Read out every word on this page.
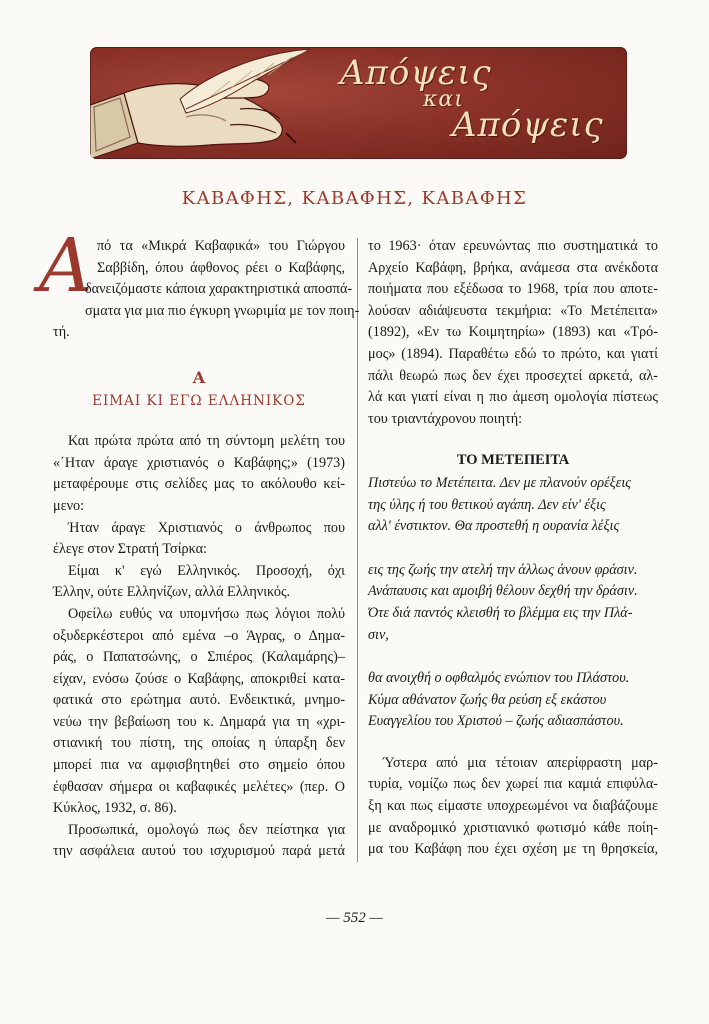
Απόψεις
και
Απόψεις
ΚΑΒΑΦΗΣ, ΚΑΒΑΦΗΣ, ΚΑΒΑΦΗΣ
Α πό τα «Μικρά Καβαφικά» του Γιώργου
Σαββίδη, όπου άφθονος ρέει ο Καβάφης,
δανειζόμαστε κάποια χαρακτηριστικά αποσπά-
σματα για μια πιο έγκυρη γνωριμία με τον ποιη-
τή.
Α
ΕΙΜΑΙ ΚΙ ΕΓΩ ΕΛΛΗΝΙΚΟΣ

Και πρώτα πρώτα από τη σύντομη μελέτη του
«΄Ηταν άραγε χριστιανός ο Καβάφης;» (1973)
μεταφέρουμε στις σελίδες μας το ακόλουθο κεί-
μενο:

Ήταν άραγε Χριστιανός ο άνθρωπος που
έλεγε στον Στρατή Τσίρκα:

Είμαι κ' εγώ Ελληνικός. Προσοχή, όχι
Έλλην, ούτε Ελληνίζων, αλλά Ελληνικός.

Οφείλω ευθύς να υπομνήσω πως λόγιοι πολύ
οξυδερκέστεροι από εμένα –ο Άγρας, ο Δημα-
ράς, ο Παπατσώνης, ο Σπιέρος (Καλαμάρης)–
είχαν, ενόσω ζούσε ο Καβάφης, αποκριθεί κατα-
φατικά στο ερώτημα αυτό. Ενδεικτικά, μνημο-
νεύω την βεβαίωση του κ. Δημαρά για τη «χρι-
στιανική του πίστη, της οποίας η ύπαρξη δεν
μπορεί πια να αμφισβητηθεί στο σημείο όπου
έφθασαν σήμερα οι καβαφικές μελέτες» (περ. Ο
Κύκλος, 1932, σ. 86).

Προσωπικά, ομολογώ πως δεν πείστηκα για
την ασφάλεια αυτού του ισχυρισμού παρά μετά

το 1963· όταν ερευνώντας πιο συστηματικά το
Αρχείο Καβάφη, βρήκα, ανάμεσα στα ανέκδοτα
ποιήματα που εξέδωσα το 1968, τρία που αποτε-
λούσαν αδιάψευστα τεκμήρια: «Το Μετέπειτα»
(1892), «Εν τω Κοιμητηρίω» (1893) και «Τρό-
μος» (1894). Παραθέτω εδώ το πρώτο, και γιατί
πάλι θεωρώ πως δεν έχει προσεχτεί αρκετά, αλ-
λά και γιατί είναι η πιο άμεση ομολογία πίστεως
του τριαντάχρονου ποιητή:

ΤΟ ΜΕΤΕΠΕΙΤΑ
Πιστεύω το Μετέπειτα. Δεν με πλανούν ορέξεις
της ύλης ή του θετικού αγάπη. Δεν είν' έξις
αλλ' ένστικτον. Θα προστεθή η ουρανία λέξις
εις της ζωής την ατελή την άλλως άνουν φράσιν.
Ανάπαυσις και αμοιβή θέλουν δεχθή την δράσιν.
Ότε διά παντός κλεισθή το βλέμμα εις την Πλά-
σιν,
θα ανοιχθή ο οφθαλμός ενώπιον του Πλάστου.
Κύμα αθάνατον ζωής θα ρεύση εξ εκάστου
Ευαγγελίου του Χριστού – ζωής αδιασπάστου.

Ύστερα από μια τέτοιαν απερίφραστη μαρ-
τυρία, νομίζω πως δεν χωρεί πια καμιά επιφύλα-
ξη και πως είμαστε υποχρεωμένοι να διαβάζουμε
με αναδρομικό χριστιανικό φωτισμό κάθε ποίη-
μα του Καβάφη που έχει σχέση με τη θρησκεία,

— 552 —
